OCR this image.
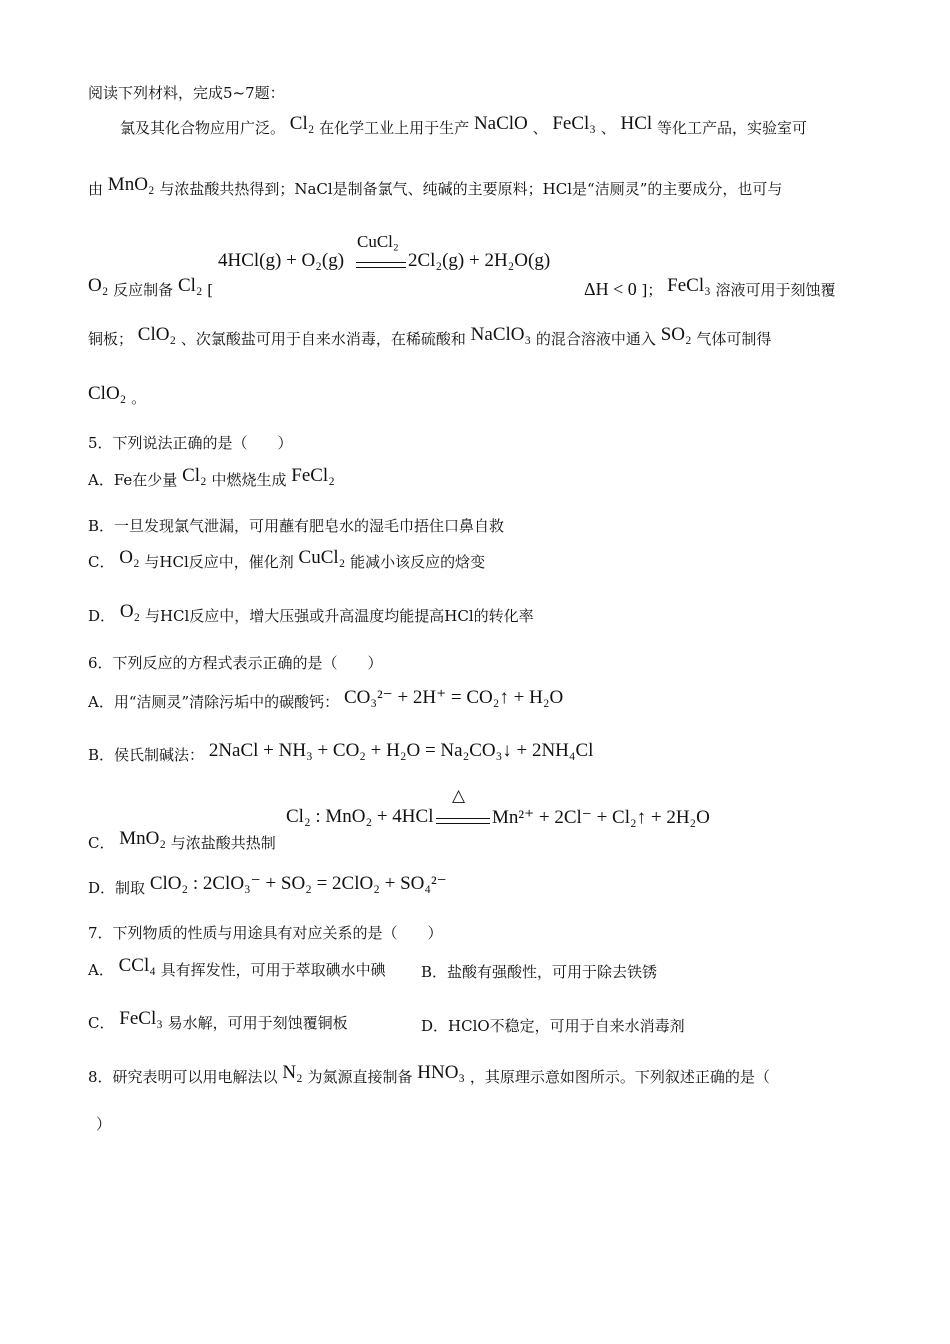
阅读下列材料，完成5~7题：
氯及其化合物应用广泛。 Cl₂ 在化学工业上用于生产 NaClO 、 FeCl₃ 、 HCl 等化工产品，实验室可
由 MnO₂ 与浓盐酸共热得到；NaCl是制备氯气、纯碱的主要原料；HCl是“洁厕灵”的主要成分，也可与
4HCl(g) + O₂(g)
CuCl₂
2Cl₂(g) + 2H₂O(g)
O₂ 反应制备 Cl₂ [	ΔH < 0 ]； FeCl₃ 溶液可用于刻蚀覆
铜板； ClO₂ 、次氯酸盐可用于自来水消毒，在稀硫酸和 NaClO₃ 的混合溶液中通入 SO₂ 气体可制得
ClO₂ 。
5．下列说法正确的是（　　）
A．Fe在少量 Cl₂ 中燃烧生成 FeCl₂
B．一旦发现氯气泄漏，可用蘸有肥皂水的湿毛巾捂住口鼻自救
C． O₂ 与HCl反应中，催化剂 CuCl₂ 能减小该反应的焓变
D． O₂ 与HCl反应中，增大压强或升高温度均能提高HCl的转化率
6．下列反应的方程式表示正确的是（　　）
A．用“洁厕灵”清除污垢中的碳酸钙： CO₃²⁻ + 2H⁺ = CO₂↑ + H₂O
B．侯氏制碱法： 2NaCl + NH₃ + CO₂ + H₂O = Na₂CO₃↓ + 2NH₄Cl
Cl₂ : MnO₂ + 4HCl
△
Mn²⁺ + 2Cl⁻ + Cl₂↑ + 2H₂O
C． MnO₂ 与浓盐酸共热制
D．制取 ClO₂ : 2ClO₃⁻ + SO₂ = 2ClO₂ + SO₄²⁻
7．下列物质的性质与用途具有对应关系的是（　　）
A． CCl₄ 具有挥发性，可用于萃取碘水中碘 B．盐酸有强酸性，可用于除去铁锈
C． FeCl₃ 易水解，可用于刻蚀覆铜板	D．HClO不稳定，可用于自来水消毒剂
8．研究表明可以用电解法以 N₂ 为氮源直接制备 HNO₃ ，其原理示意如图所示。下列叙述正确的是（
）
